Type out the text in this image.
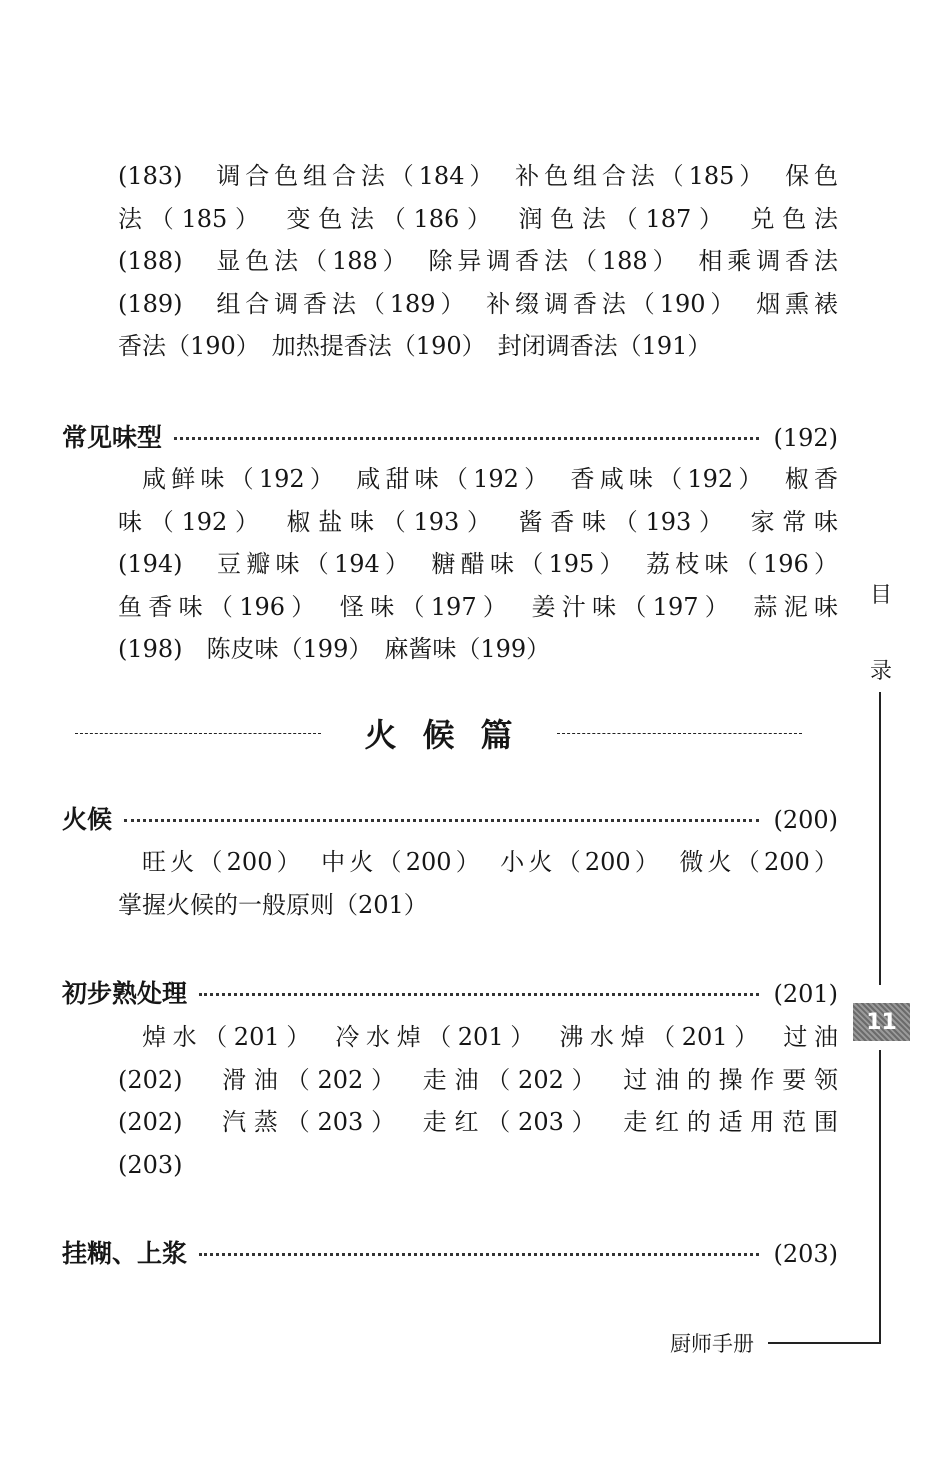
(183)　调合色组合法（184）　补色组合法（185）　保色
法（185）　变色法（186）　润色法（187）　兑色法
(188)　显色法（188）　除异调香法（188）　相乘调香法
(189)　组合调香法（189）　补缀调香法（190）　烟熏裱
香法（190）　加热提香法（190）　封闭调香法（191）
常见味型	(192)
咸鲜味（192）　咸甜味（192）　香咸味（192）　椒香
味（192）　椒盐味（193）　酱香味（193）　家常味
(194)　豆瓣味（194）　糖醋味（195）　荔枝味（196）
鱼香味（196）　怪味（197）　姜汁味（197）　蒜泥味
(198)　陈皮味（199）　麻酱味（199）
火候篇
火候	(200)
旺火（200）　中火（200）　小火（200）　微火（200）
掌握火候的一般原则（201）
初步熟处理	(201)
焯水（201）　冷水焯（201）　沸水焯（201）　过油
(202)　滑油（202）　走油（202）　过油的操作要领
(202)　汽蒸（203）　走红（203）　走红的适用范围
(203)
挂糊、上浆	(203)
目
录
11
厨师手册
